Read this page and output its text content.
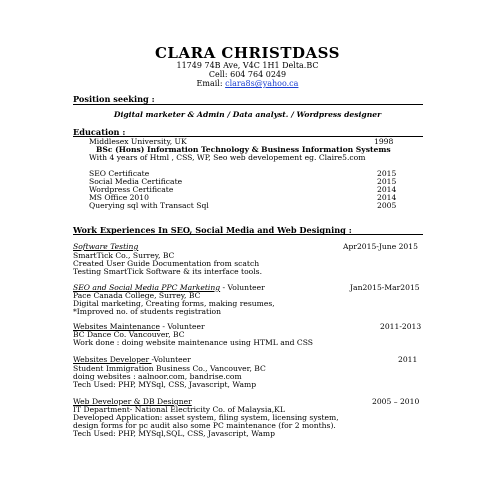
CLARA CHRISTDASS
11749 74B Ave, V4C 1H1 Delta.BC
Cell: 604 764 0249
Email: clara8s@yahoo.ca
Position seeking :
Digital marketer & Admin / Data analyst. / Wordpress designer
Education :
Middlesex University, UK	1998
BSc (Hons) Information Technology & Business Information Systems
With 4 years of Html , CSS, WP, Seo web developement eg. Claire5.com
SEO Certificate	2015
Social Media Certificate	2015
Wordpress Certificate	2014
MS Office 2010	2014
Querying sql with Transact Sql	2005
Work Experiences In SEO, Social Media and Web Designing :
Software Testing	Apr2015-June 2015
SmartTick Co., Surrey, BC
Created User Guide Documentation from scatch
Testing SmartTick Software & its interface tools.
SEO and Social Media PPC Marketing - Volunteer	Jan2015-Mar2015
Pace Canada College, Surrey, BC
Digital marketing, Creating forms, making resumes,
*Improved no. of students registration
Websites Maintenance - Volunteer	2011-2013
BC Dance Co. Vancouver, BC
Work done : doing website maintenance using HTML and CSS
Websites Developer -Volunteer	2011
Student Immigration Business Co., Vancouver, BC
doing websites : aalnoor.com, bandrise.com
Tech Used: PHP, MYSql, CSS, Javascript, Wamp
Web Developer & DB Designer	2005 – 2010
IT Department- National Electricity Co. of Malaysia,KL
Developed Application: asset system, filing system, licensing system,
design forms for pc audit also some PC maintenance (for 2 months).
Tech Used: PHP, MYSql,SQL, CSS, Javascript, Wamp
